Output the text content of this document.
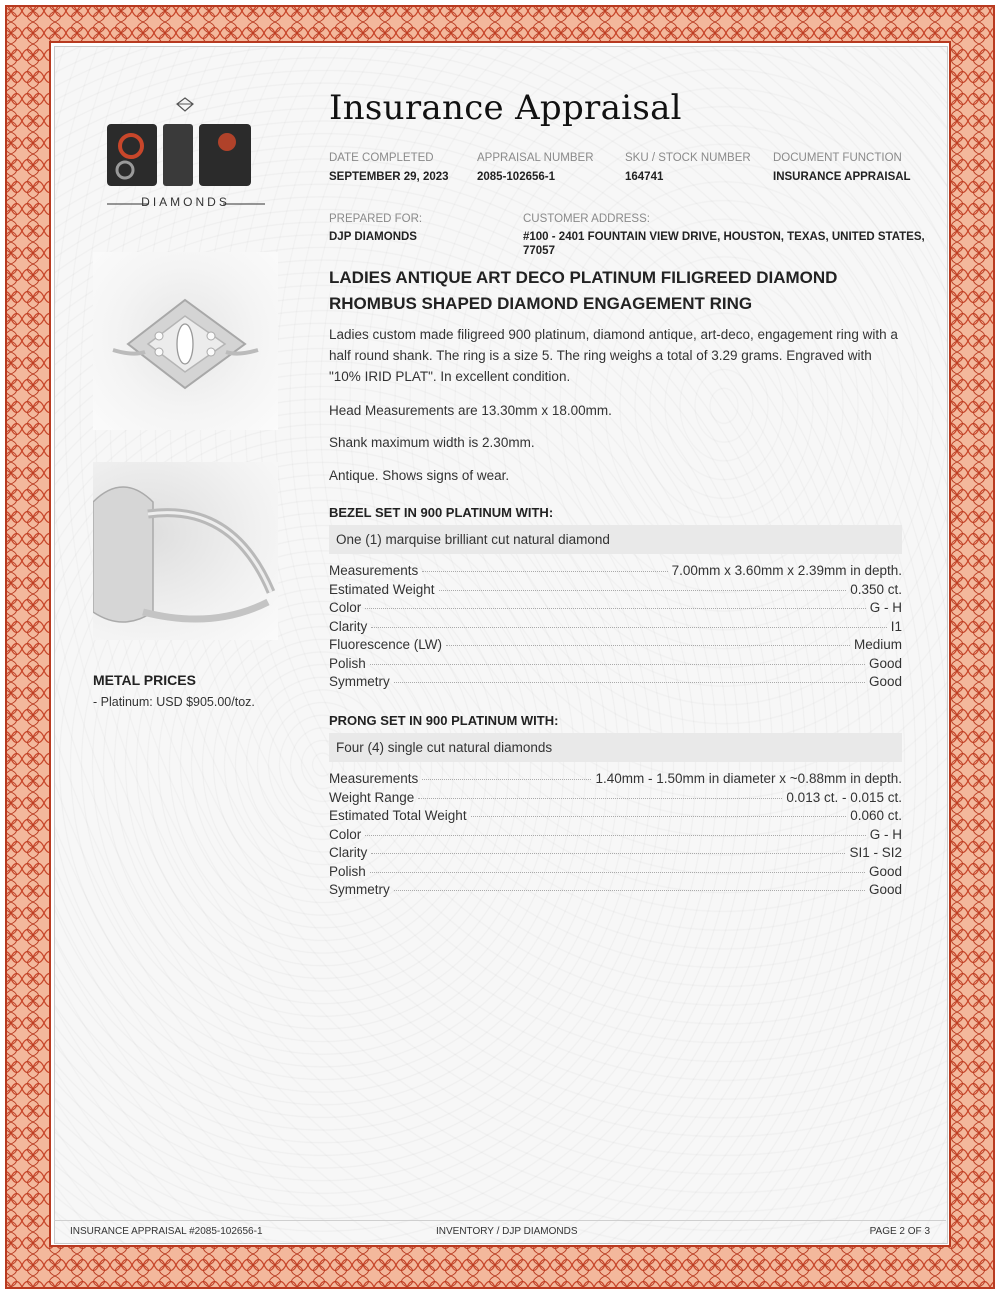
DIAMONDS
METAL PRICES
- Platinum: USD $905.00/toz.
Insurance Appraisal
DATE COMPLETED
SEPTEMBER 29, 2023
APPRAISAL NUMBER
2085-102656-1
SKU / STOCK NUMBER
164741
DOCUMENT FUNCTION
INSURANCE APPRAISAL
PREPARED FOR:
DJP DIAMONDS
CUSTOMER ADDRESS:
#100 - 2401 FOUNTAIN VIEW DRIVE, HOUSTON, TEXAS, UNITED STATES,
77057
LADIES ANTIQUE ART DECO PLATINUM FILIGREED DIAMOND
RHOMBUS SHAPED DIAMOND ENGAGEMENT RING

Ladies custom made filigreed 900 platinum, diamond antique, art-deco, engagement ring with a half round shank. The ring is a size 5. The ring weighs a total of 3.29 grams. Engraved with "10% IRID PLAT". In excellent condition.

Head Measurements are 13.30mm x 18.00mm.

Shank maximum width is 2.30mm.

Antique. Shows signs of wear.

BEZEL SET IN 900 PLATINUM WITH:
One (1) marquise brilliant cut natural diamond
Measurements	7.00mm x 3.60mm x 2.39mm in depth.
Estimated Weight	0.350 ct.
Color	G - H
Clarity	I1
Fluorescence (LW)	Medium
Polish	Good
Symmetry	Good
PRONG SET IN 900 PLATINUM WITH:
Four (4) single cut natural diamonds
Measurements	1.40mm - 1.50mm in diameter x ~0.88mm in depth.
Weight Range	0.013 ct. - 0.015 ct.
Estimated Total Weight	0.060 ct.
Color	G - H
Clarity	SI1 - SI2
Polish	Good
Symmetry	Good
INSURANCE APPRAISAL #2085-102656-1	INVENTORY / DJP DIAMONDS	PAGE 2 OF 3
